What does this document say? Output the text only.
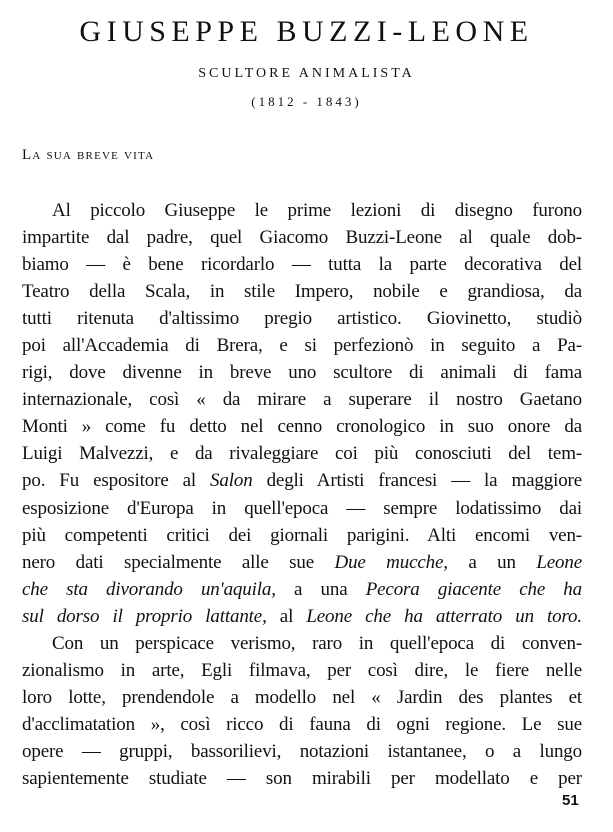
GIUSEPPE BUZZI-LEONE
SCULTORE ANIMALISTA
(1812 - 1843)
La sua breve vita
Al piccolo Giuseppe le prime lezioni di disegno furono
impartite dal padre, quel Giacomo Buzzi-Leone al quale dob-
biamo — è bene ricordarlo — tutta la parte decorativa del
Teatro della Scala, in stile Impero, nobile e grandiosa, da
tutti ritenuta d'altissimo pregio artistico. Giovinetto, studiò
poi all'Accademia di Brera, e si perfezionò in seguito a Pa-
rigi, dove divenne in breve uno scultore di animali di fama
internazionale, così « da mirare a superare il nostro Gaetano
Monti » come fu detto nel cenno cronologico in suo onore da
Luigi Malvezzi, e da rivaleggiare coi più conosciuti del tem-
po. Fu espositore al Salon degli Artisti francesi — la maggiore
esposizione d'Europa in quell'epoca — sempre lodatissimo dai
più competenti critici dei giornali parigini. Alti encomi ven-
nero dati specialmente alle sue Due mucche, a un Leone
che sta divorando un'aquila, a una Pecora giacente che ha
sul dorso il proprio lattante, al Leone che ha atterrato un toro.
Con un perspicace verismo, raro in quell'epoca di conven-
zionalismo in arte, Egli filmava, per così dire, le fiere nelle
loro lotte, prendendole a modello nel « Jardin des plantes et
d'acclimatation », così ricco di fauna di ogni regione. Le sue
opere — gruppi, bassorilievi, notazioni istantanee, o a lungo
sapientemente studiate — son mirabili per modellato e per
51
